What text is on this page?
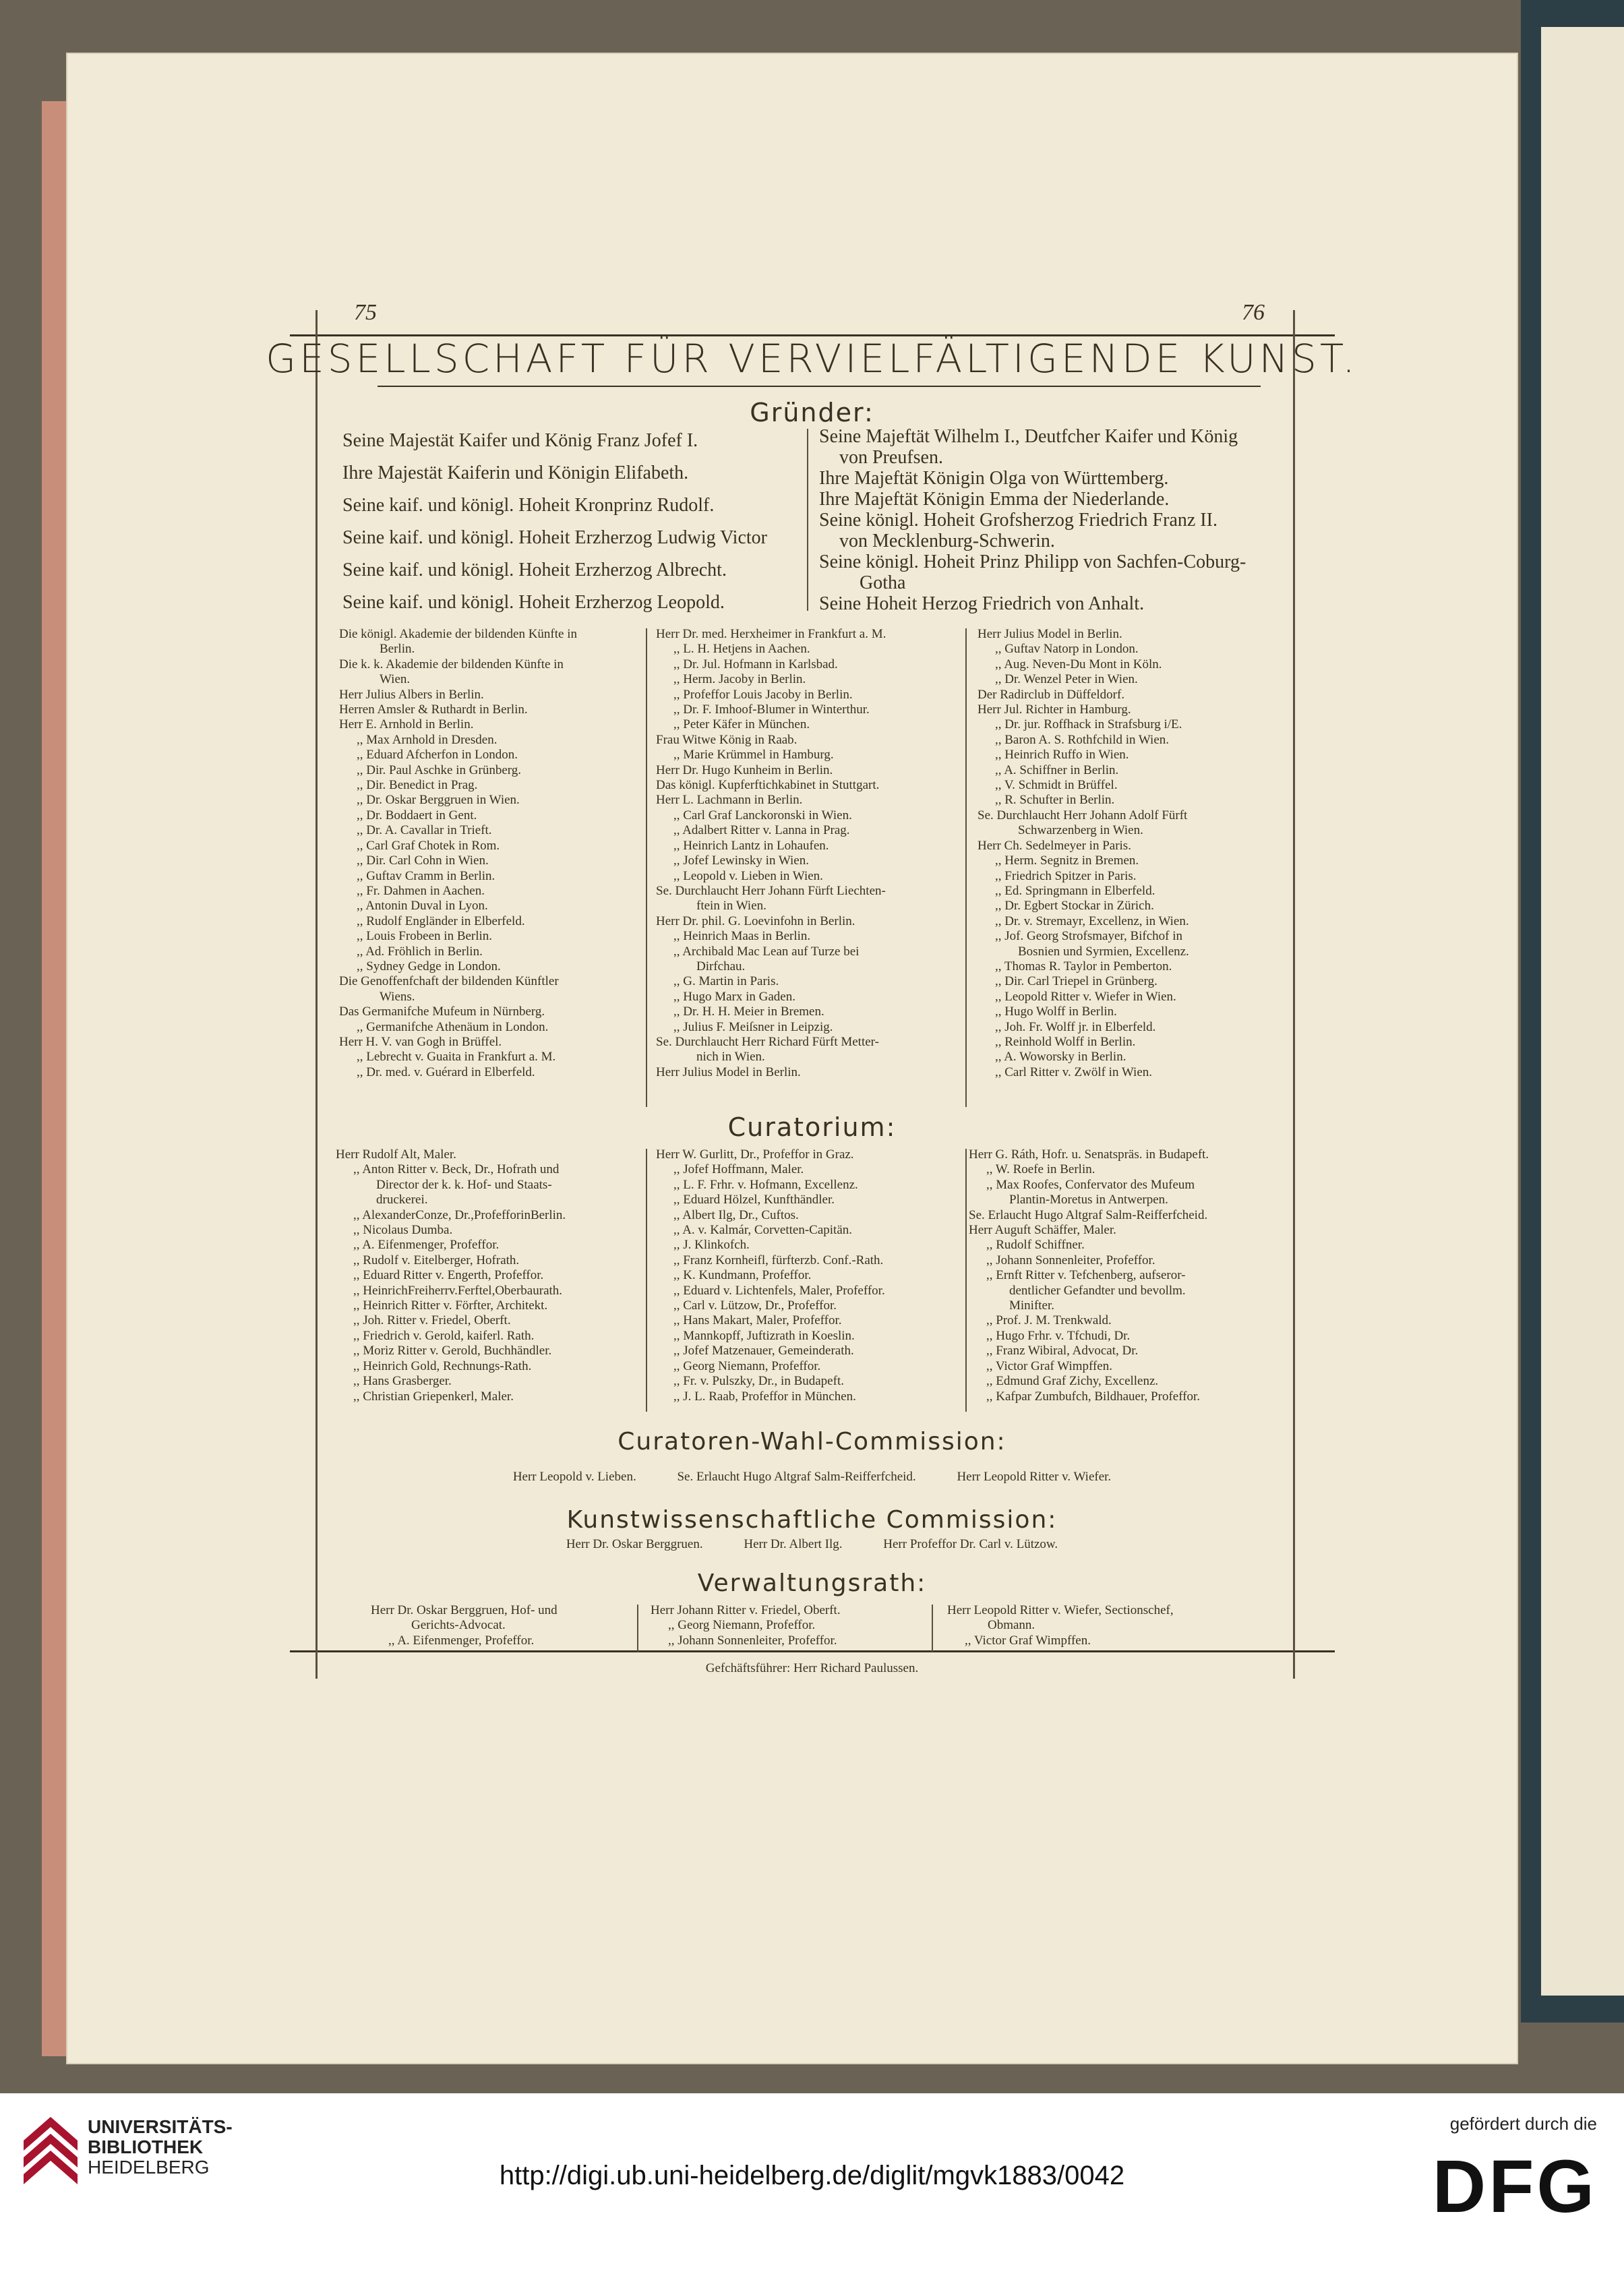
75	76
GESELLSCHAFT FÜR VERVIELFÄLTIGENDE KUNST.
Gründer:
Seine Majestät Kaifer und König Franz Jofef I.
Ihre Majestät Kaiferin und Königin Elifabeth.
Seine kaif. und königl. Hoheit Kronprinz Rudolf.
Seine kaif. und königl. Hoheit Erzherzog Ludwig Victor
Seine kaif. und königl. Hoheit Erzherzog Albrecht.
Seine kaif. und königl. Hoheit Erzherzog Leopold.
Seine Majeftät Wilhelm I., Deutfcher Kaifer und König
von Preufsen.
Ihre Majeftät Königin Olga von Württemberg.
Ihre Majeftät Königin Emma der Niederlande.
Seine königl. Hoheit Grofsherzog Friedrich Franz II.
von Mecklenburg-Schwerin.
Seine königl. Hoheit Prinz Philipp von Sachfen-Coburg-
Gotha
Seine Hoheit Herzog Friedrich von Anhalt.
Die königl. Akademie der bildenden Künfte in
Berlin.
Die k. k. Akademie der bildenden Künfte in
Wien.
Herr Julius Albers in Berlin.
Herren Amsler & Ruthardt in Berlin.
Herr E. Arnhold in Berlin.
,, Max Arnhold in Dresden.
,, Eduard Afcherfon in London.
,, Dir. Paul Aschke in Grünberg.
,, Dir. Benedict in Prag.
,, Dr. Oskar Berggruen in Wien.
,, Dr. Boddaert in Gent.
,, Dr. A. Cavallar in Trieft.
,, Carl Graf Chotek in Rom.
,, Dir. Carl Cohn in Wien.
,, Guftav Cramm in Berlin.
,, Fr. Dahmen in Aachen.
,, Antonin Duval in Lyon.
,, Rudolf Engländer in Elberfeld.
,, Louis Frobeen in Berlin.
,, Ad. Fröhlich in Berlin.
,, Sydney Gedge in London.
Die Genoffenfchaft der bildenden Künftler
Wiens.
Das Germanifche Mufeum in Nürnberg.
,, Germanifche Athenäum in London.
Herr H. V. van Gogh in Brüffel.
,, Lebrecht v. Guaita in Frankfurt a. M.
,, Dr. med. v. Guérard in Elberfeld.
Herr Dr. med. Herxheimer in Frankfurt a. M.
,, L. H. Hetjens in Aachen.
,, Dr. Jul. Hofmann in Karlsbad.
,, Herm. Jacoby in Berlin.
,, Profeffor Louis Jacoby in Berlin.
,, Dr. F. Imhoof-Blumer in Winterthur.
,, Peter Käfer in München.
Frau Witwe König in Raab.
,, Marie Krümmel in Hamburg.
Herr Dr. Hugo Kunheim in Berlin.
Das königl. Kupferftichkabinet in Stuttgart.
Herr L. Lachmann in Berlin.
,, Carl Graf Lanckoronski in Wien.
,, Adalbert Ritter v. Lanna in Prag.
,, Heinrich Lantz in Lohaufen.
,, Jofef Lewinsky in Wien.
,, Leopold v. Lieben in Wien.
Se. Durchlaucht Herr Johann Fürft Liechten-
ftein in Wien.
Herr Dr. phil. G. Loevinfohn in Berlin.
,, Heinrich Maas in Berlin.
,, Archibald Mac Lean auf Turze bei
Dirfchau.
,, G. Martin in Paris.
,, Hugo Marx in Gaden.
,, Dr. H. H. Meier in Bremen.
,, Julius F. Meiſsner in Leipzig.
Se. Durchlaucht Herr Richard Fürft Metter-
nich in Wien.
Herr Julius Model in Berlin.
Herr Julius Model in Berlin.
,, Guftav Natorp in London.
,, Aug. Neven-Du Mont in Köln.
,, Dr. Wenzel Peter in Wien.
Der Radirclub in Düffeldorf.
Herr Jul. Richter in Hamburg.
,, Dr. jur. Roffhack in Strafsburg i/E.
,, Baron A. S. Rothfchild in Wien.
,, Heinrich Ruffo in Wien.
,, A. Schiffner in Berlin.
,, V. Schmidt in Brüffel.
,, R. Schufter in Berlin.
Se. Durchlaucht Herr Johann Adolf Fürft
Schwarzenberg in Wien.
Herr Ch. Sedelmeyer in Paris.
,, Herm. Segnitz in Bremen.
,, Friedrich Spitzer in Paris.
,, Ed. Springmann in Elberfeld.
,, Dr. Egbert Stockar in Zürich.
,, Dr. v. Stremayr, Excellenz, in Wien.
,, Jof. Georg Strofsmayer, Bifchof in
Bosnien und Syrmien, Excellenz.
,, Thomas R. Taylor in Pemberton.
,, Dir. Carl Triepel in Grünberg.
,, Leopold Ritter v. Wiefer in Wien.
,, Hugo Wolff in Berlin.
,, Joh. Fr. Wolff jr. in Elberfeld.
,, Reinhold Wolff in Berlin.
,, A. Woworsky in Berlin.
,, Carl Ritter v. Zwölf in Wien.
Curatorium:
Herr Rudolf Alt, Maler.
,, Anton Ritter v. Beck, Dr., Hofrath und
Director der k. k. Hof- und Staats-
druckerei.
,, AlexanderConze, Dr.,ProfefforinBerlin.
,, Nicolaus Dumba.
,, A. Eifenmenger, Profeffor.
,, Rudolf v. Eitelberger, Hofrath.
,, Eduard Ritter v. Engerth, Profeffor.
,, HeinrichFreiherrv.Ferftel,Oberbaurath.
,, Heinrich Ritter v. Förfter, Architekt.
,, Joh. Ritter v. Friedel, Oberft.
,, Friedrich v. Gerold, kaiferl. Rath.
,, Moriz Ritter v. Gerold, Buchhändler.
,, Heinrich Gold, Rechnungs-Rath.
,, Hans Grasberger.
,, Christian Griepenkerl, Maler.
Herr W. Gurlitt, Dr., Profeffor in Graz.
,, Jofef Hoffmann, Maler.
,, L. F. Frhr. v. Hofmann, Excellenz.
,, Eduard Hölzel, Kunfthändler.
,, Albert Ilg, Dr., Cuftos.
,, A. v. Kalmár, Corvetten-Capitän.
,, J. Klinkofch.
,, Franz Kornheifl, fürfterzb. Conf.-Rath.
,, K. Kundmann, Profeffor.
,, Eduard v. Lichtenfels, Maler, Profeffor.
,, Carl v. Lützow, Dr., Profeffor.
,, Hans Makart, Maler, Profeffor.
,, Mannkopff, Juftizrath in Koeslin.
,, Jofef Matzenauer, Gemeinderath.
,, Georg Niemann, Profeffor.
,, Fr. v. Pulszky, Dr., in Budapeft.
,, J. L. Raab, Profeffor in München.
Herr G. Ráth, Hofr. u. Senatspräs. in Budapeft.
,, W. Roefe in Berlin.
,, Max Roofes, Confervator des Mufeum
Plantin-Moretus in Antwerpen.
Se. Erlaucht Hugo Altgraf Salm-Reifferfcheid.
Herr Auguft Schäffer, Maler.
,, Rudolf Schiffner.
,, Johann Sonnenleiter, Profeffor.
,, Ernft Ritter v. Tefchenberg, aufseror-
dentlicher Gefandter und bevollm.
Minifter.
,, Prof. J. M. Trenkwald.
,, Hugo Frhr. v. Tfchudi, Dr.
,, Franz Wibiral, Advocat, Dr.
,, Victor Graf Wimpffen.
,, Edmund Graf Zichy, Excellenz.
,, Kafpar Zumbufch, Bildhauer, Profeffor.
Curatoren-Wahl-Commission:
Herr Leopold v. Lieben.	Se. Erlaucht Hugo Altgraf Salm-Reifferfcheid.	Herr Leopold Ritter v. Wiefer.
Kunstwissenschaftliche Commission:
Herr Dr. Oskar Berggruen.	Herr Dr. Albert Ilg.	Herr Profeffor Dr. Carl v. Lützow.
Verwaltungsrath:
Herr Dr. Oskar Berggruen, Hof- und
Gerichts-Advocat.
,, A. Eifenmenger, Profeffor.
Herr Johann Ritter v. Friedel, Oberft.
,, Georg Niemann, Profeffor.
,, Johann Sonnenleiter, Profeffor.
Herr Leopold Ritter v. Wiefer, Sectionschef,
Obmann.
,, Victor Graf Wimpffen.
Gefchäftsführer: Herr Richard Paulussen.
UNIVERSITÄTS-
BIBLIOTHEK
HEIDELBERG	http://digi.ub.uni-heidelberg.de/diglit/mgvk1883/0042
gefördert durch die
DFG
